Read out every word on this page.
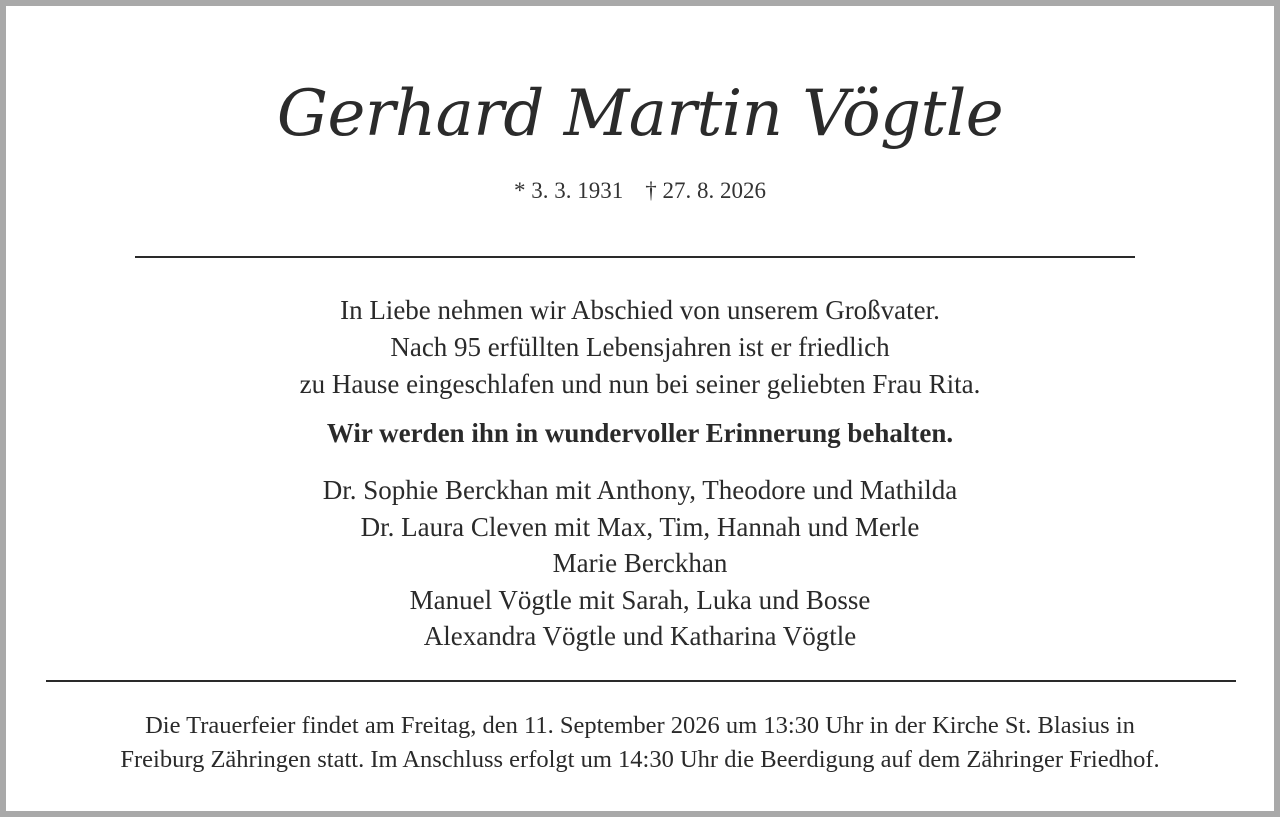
Gerhard Martin Vögtle
* 3. 3. 1931 † 27. 8. 2026
In Liebe nehmen wir Abschied von unserem Großvater.
Nach 95 erfüllten Lebensjahren ist er friedlich
zu Hause eingeschlafen und nun bei seiner geliebten Frau Rita.
Wir werden ihn in wundervoller Erinnerung behalten.
Dr. Sophie Berckhan mit Anthony, Theodore und Mathilda
Dr. Laura Cleven mit Max, Tim, Hannah und Merle
Marie Berckhan
Manuel Vögtle mit Sarah, Luka und Bosse
Alexandra Vögtle und Katharina Vögtle
Die Trauerfeier findet am Freitag, den 11. September 2026 um 13:30 Uhr in der Kirche St. Blasius in
Freiburg Zähringen statt. Im Anschluss erfolgt um 14:30 Uhr die Beerdigung auf dem Zähringer Friedhof.
